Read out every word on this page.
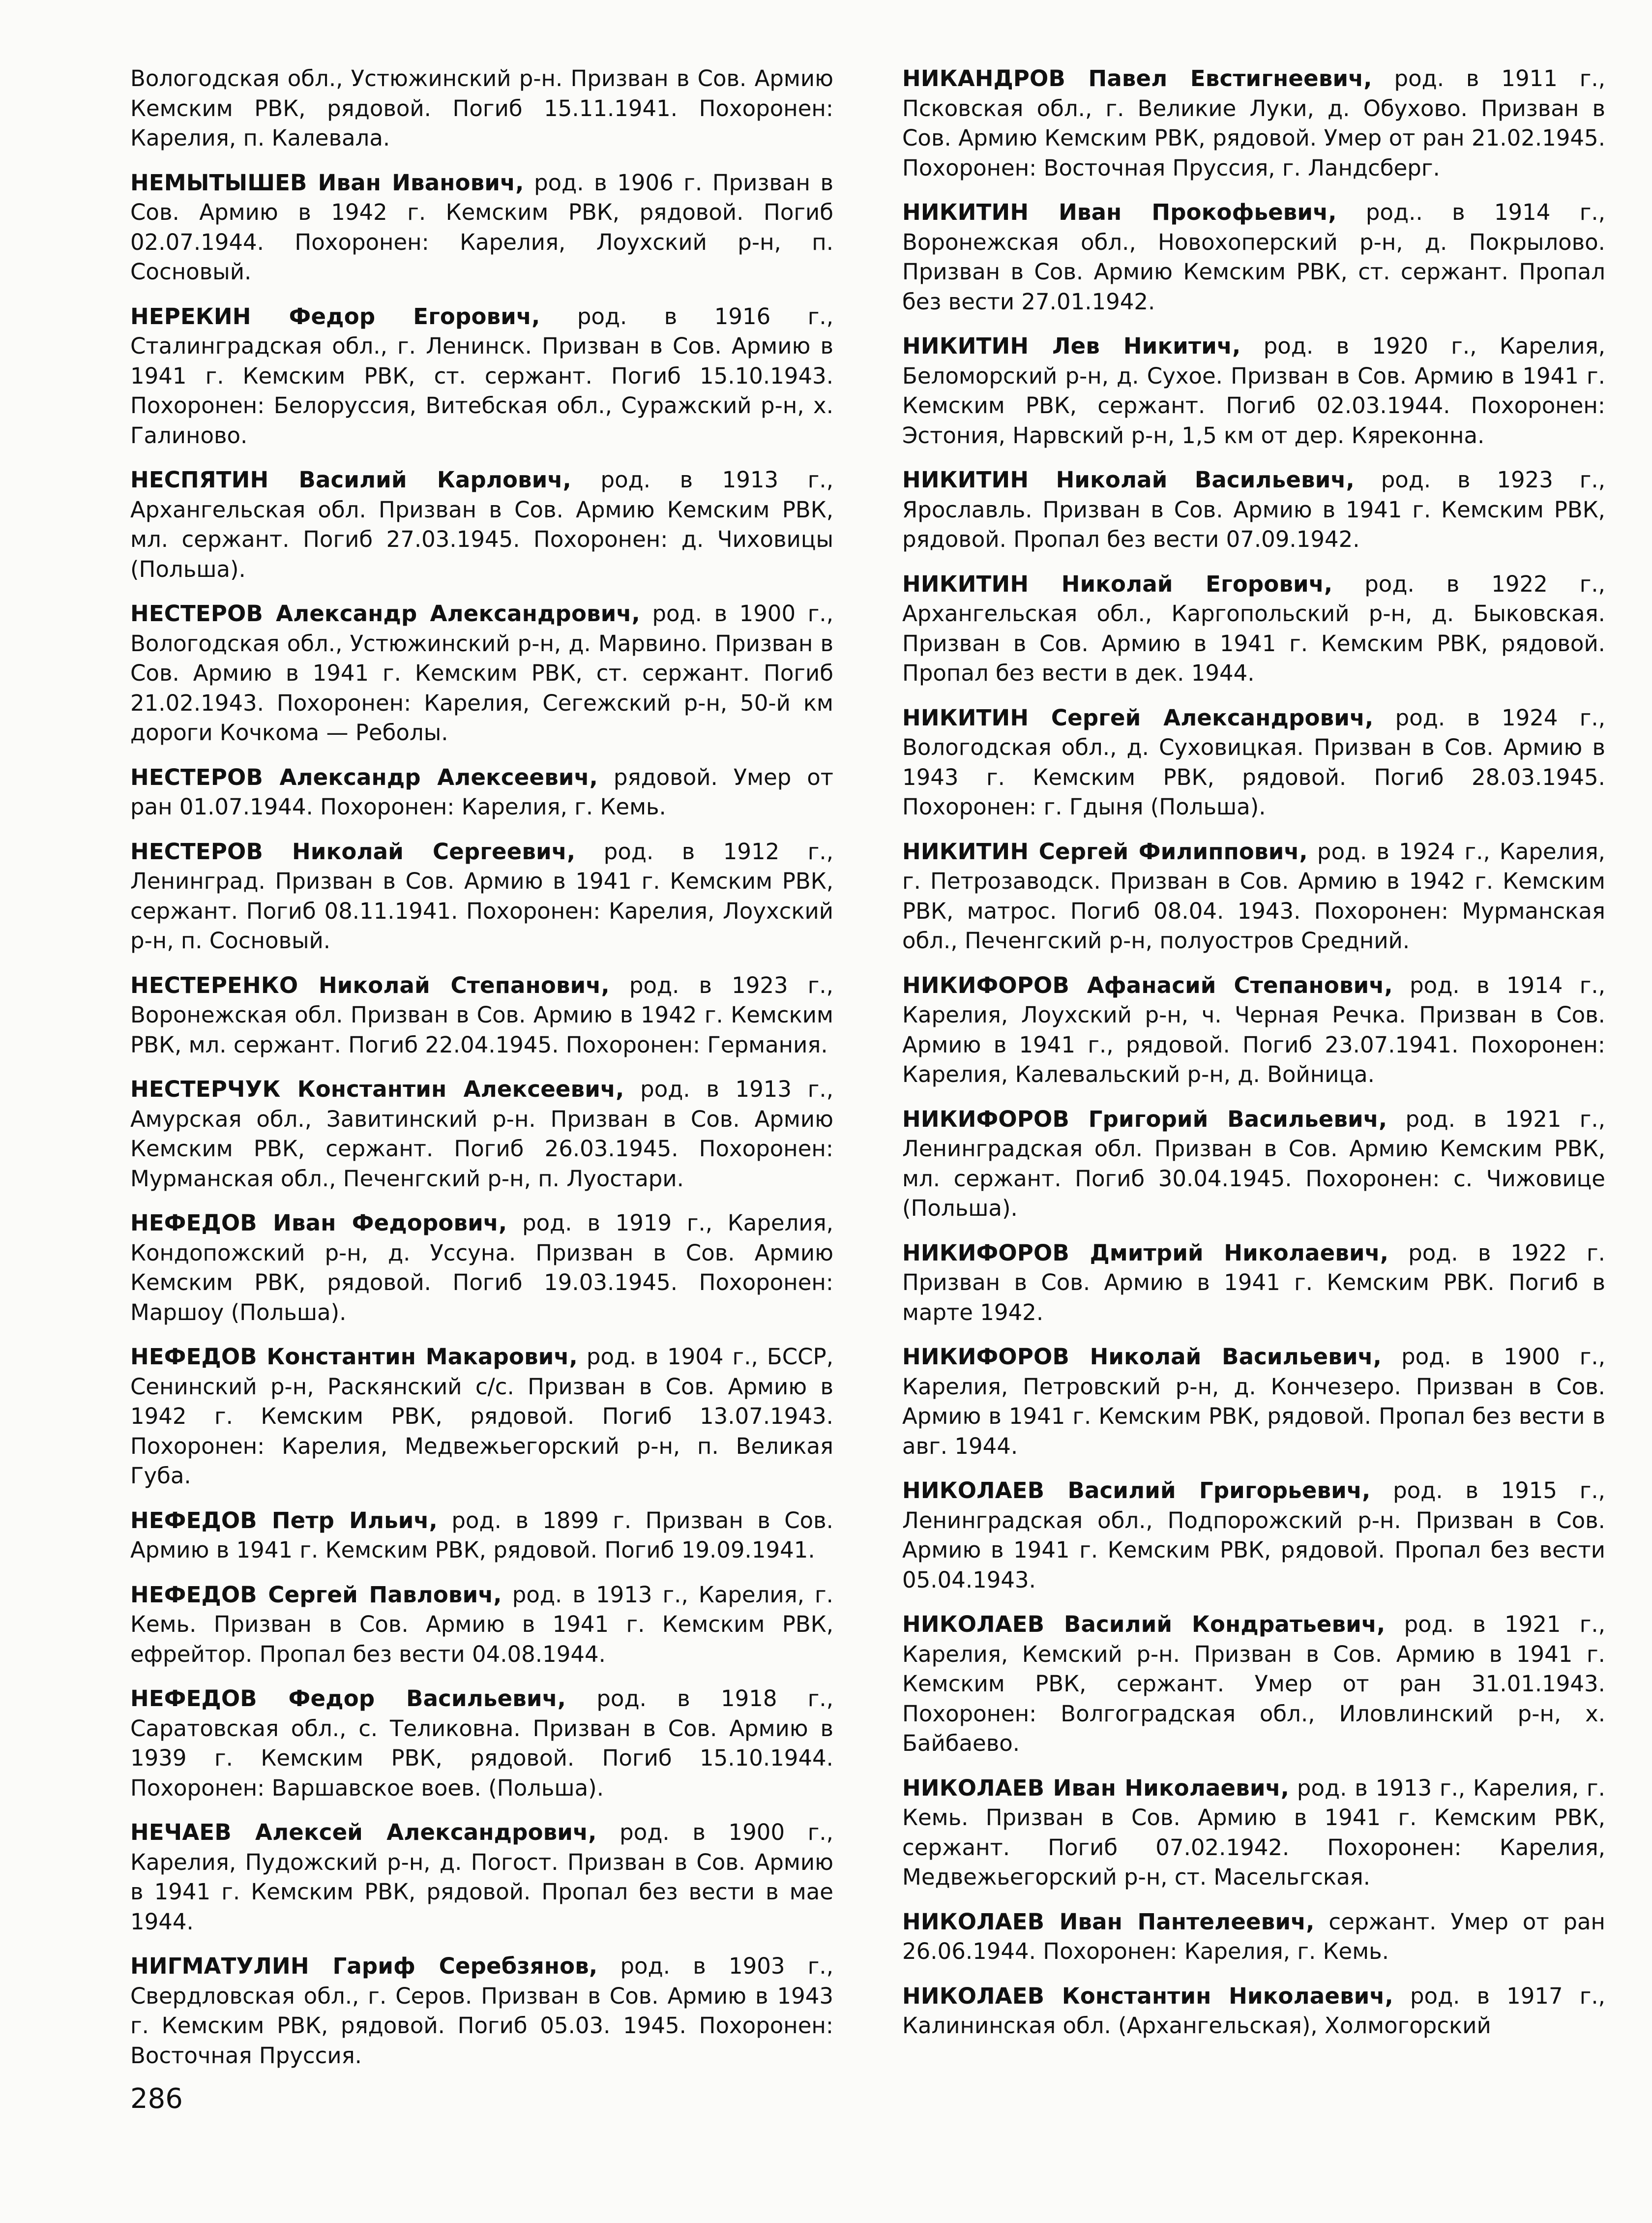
Вологодская обл., Устюжинский р-н. Призван в Сов. Армию Кемским РВК, рядовой. Погиб 15.11.1941. Похоронен: Карелия, п. Калевала.

НЕМЫТЫШЕВ Иван Иванович, род. в 1906 г. Призван в Сов. Армию в 1942 г. Кемским РВК, рядовой. Погиб 02.07.1944. Похоронен: Карелия, Лоухский р-н, п. Сосновый.

НЕРЕКИН Федор Егорович, род. в 1916 г., Сталинградская обл., г. Ленинск. Призван в Сов. Армию в 1941 г. Кемским РВК, ст. сержант. Погиб 15.10.1943. Похоронен: Белоруссия, Витебская обл., Суражский р-н, х. Галиново.

НЕСПЯТИН Василий Карлович, род. в 1913 г., Архангельская обл. Призван в Сов. Армию Кемским РВК, мл. сержант. Погиб 27.03.1945. Похоронен: д. Чиховицы (Польша).

НЕСТЕРОВ Александр Александрович, род. в 1900 г., Вологодская обл., Устюжинский р-н, д. Марвино. Призван в Сов. Армию в 1941 г. Кемским РВК, ст. сержант. Погиб 21.02.1943. Похоронен: Карелия, Сегежский р-н, 50-й км дороги Кочкома — Реболы.

НЕСТЕРОВ Александр Алексеевич, рядовой. Умер от ран 01.07.1944. Похоронен: Карелия, г. Кемь.

НЕСТЕРОВ Николай Сергеевич, род. в 1912 г., Ленинград. Призван в Сов. Армию в 1941 г. Кемским РВК, сержант. Погиб 08.11.1941. Похоронен: Карелия, Лоухский р-н, п. Сосновый.

НЕСТЕРЕНКО Николай Степанович, род. в 1923 г., Воронежская обл. Призван в Сов. Армию в 1942 г. Кемским РВК, мл. сержант. Погиб 22.04.1945. Похоронен: Германия.

НЕСТЕРЧУК Константин Алексеевич, род. в 1913 г., Амурская обл., Завитинский р-н. Призван в Сов. Армию Кемским РВК, сержант. Погиб 26.03.1945. Похоронен: Мурманская обл., Печенгский р-н, п. Луостари.

НЕФЕДОВ Иван Федорович, род. в 1919 г., Карелия, Кондопожский р-н, д. Уссуна. Призван в Сов. Армию Кемским РВК, рядовой. Погиб 19.03.1945. Похоронен: Маршоу (Польша).

НЕФЕДОВ Константин Макарович, род. в 1904 г., БССР, Сенинский р-н, Раскянский с/с. Призван в Сов. Армию в 1942 г. Кемским РВК, рядовой. Погиб 13.07.1943. Похоронен: Карелия, Медвежьегорский р-н, п. Великая Губа.

НЕФЕДОВ Петр Ильич, род. в 1899 г. Призван в Сов. Армию в 1941 г. Кемским РВК, рядовой. Погиб 19.09.1941.

НЕФЕДОВ Сергей Павлович, род. в 1913 г., Карелия, г. Кемь. Призван в Сов. Армию в 1941 г. Кемским РВК, ефрейтор. Пропал без вести 04.08.1944.

НЕФЕДОВ Федор Васильевич, род. в 1918 г., Саратовская обл., с. Теликовна. Призван в Сов. Армию в 1939 г. Кемским РВК, рядовой. Погиб 15.10.1944. Похоронен: Варшавское воев. (Польша).

НЕЧАЕВ Алексей Александрович, род. в 1900 г., Карелия, Пудожский р-н, д. Погост. Призван в Сов. Армию в 1941 г. Кемским РВК, рядовой. Пропал без вести в мае 1944.

НИГМАТУЛИН Гариф Серебзянов, род. в 1903 г., Свердловская обл., г. Серов. Призван в Сов. Армию в 1943 г. Кемским РВК, рядовой. Погиб 05.03. 1945. Похоронен: Восточная Пруссия.

НИКАНДРОВ Павел Евстигнеевич, род. в 1911 г., Псковская обл., г. Великие Луки, д. Обухово. Призван в Сов. Армию Кемским РВК, рядовой. Умер от ран 21.02.1945. Похоронен: Восточная Пруссия, г. Ландсберг.

НИКИТИН Иван Прокофьевич, род.. в 1914 г., Воронежская обл., Новохоперский р-н, д. Покрылово. Призван в Сов. Армию Кемским РВК, ст. сержант. Пропал без вести 27.01.1942.

НИКИТИН Лев Никитич, род. в 1920 г., Карелия, Беломорский р-н, д. Сухое. Призван в Сов. Армию в 1941 г. Кемским РВК, сержант. Погиб 02.03.1944. Похоронен: Эстония, Нарвский р-н, 1,5 км от дер. Кяреконна.

НИКИТИН Николай Васильевич, род. в 1923 г., Ярославль. Призван в Сов. Армию в 1941 г. Кемским РВК, рядовой. Пропал без вести 07.09.1942.

НИКИТИН Николай Егорович, род. в 1922 г., Архангельская обл., Каргопольский р-н, д. Быковская. Призван в Сов. Армию в 1941 г. Кемским РВК, рядовой. Пропал без вести в дек. 1944.

НИКИТИН Сергей Александрович, род. в 1924 г., Вологодская обл., д. Суховицкая. Призван в Сов. Армию в 1943 г. Кемским РВК, рядовой. Погиб 28.03.1945. Похоронен: г. Гдыня (Польша).

НИКИТИН Сергей Филиппович, род. в 1924 г., Карелия, г. Петрозаводск. Призван в Сов. Армию в 1942 г. Кемским РВК, матрос. Погиб 08.04. 1943. Похоронен: Мурманская обл., Печенгский р-н, полуостров Средний.

НИКИФОРОВ Афанасий Степанович, род. в 1914 г., Карелия, Лоухский р-н, ч. Черная Речка. Призван в Сов. Армию в 1941 г., рядовой. Погиб 23.07.1941. Похоронен: Карелия, Калевальский р-н, д. Войница.

НИКИФОРОВ Григорий Васильевич, род. в 1921 г., Ленинградская обл. Призван в Сов. Армию Кемским РВК, мл. сержант. Погиб 30.04.1945. Похоронен: с. Чижовице (Польша).

НИКИФОРОВ Дмитрий Николаевич, род. в 1922 г. Призван в Сов. Армию в 1941 г. Кемским РВК. Погиб в марте 1942.

НИКИФОРОВ Николай Васильевич, род. в 1900 г., Карелия, Петровский р-н, д. Кончезеро. Призван в Сов. Армию в 1941 г. Кемским РВК, рядовой. Пропал без вести в авг. 1944.

НИКОЛАЕВ Василий Григорьевич, род. в 1915 г., Ленинградская обл., Подпорожский р-н. Призван в Сов. Армию в 1941 г. Кемским РВК, рядовой. Пропал без вести 05.04.1943.

НИКОЛАЕВ Василий Кондратьевич, род. в 1921 г., Карелия, Кемский р-н. Призван в Сов. Армию в 1941 г. Кемским РВК, сержант. Умер от ран 31.01.1943. Похоронен: Волгоградская обл., Иловлинский р-н, х. Байбаево.

НИКОЛАЕВ Иван Николаевич, род. в 1913 г., Карелия, г. Кемь. Призван в Сов. Армию в 1941 г. Кемским РВК, сержант. Погиб 07.02.1942. Похоронен: Карелия, Медвежьегорский р-н, ст. Масельгская.

НИКОЛАЕВ Иван Пантелеевич, сержант. Умер от ран 26.06.1944. Похоронен: Карелия, г. Кемь.

НИКОЛАЕВ Константин Николаевич, род. в 1917 г., Калининская обл. (Архангельская), Холмогорский

286
